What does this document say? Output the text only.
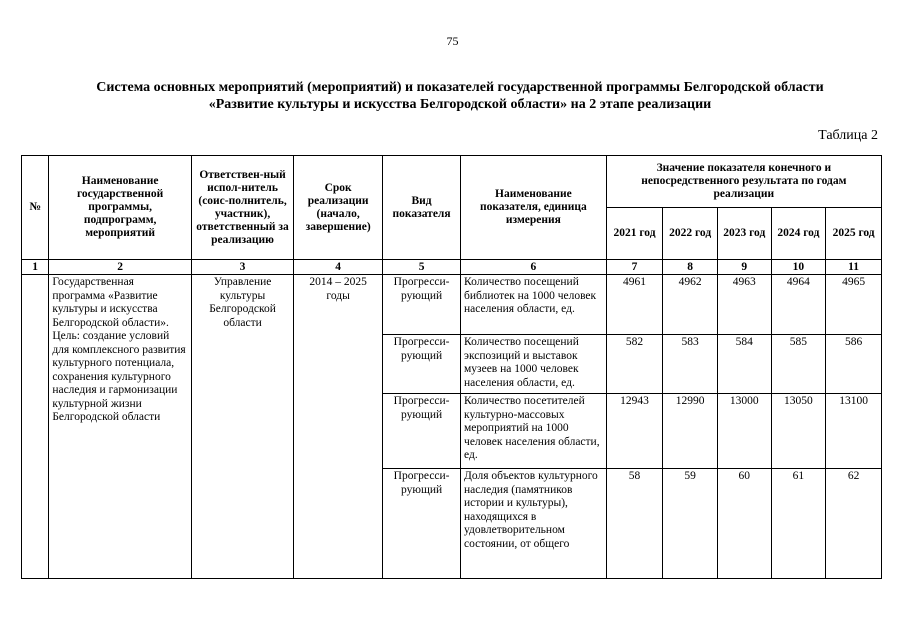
75
Система основных мероприятий (мероприятий) и показателей государственной программы Белгородской области
«Развитие культуры и искусства Белгородской области» на 2 этапе реализации
Таблица 2
№	Наименование государственной программы, подпрограмм, мероприятий	Ответствен-ный испол-нитель (соис-полнитель, участник), ответственный за реализацию	Срок реализации (начало, завершение)	Вид показателя	Наименование показателя, единица измерения	Значение показателя конечного и непосредственного результата по годам реализации				
						2021 год	2022 год	2023 год	2024 год	2025 год
1	2	3	4	5	6	7	8	9	10	11
	Государственная программа «Развитие культуры и искусства Белгородской области». Цель: создание условий для комплексного развития культурного потенциала, сохранения культурного наследия и гармонизации культурной жизни Белгородской области	Управление культуры Белгородской области	2014 – 2025 годы	Прогресси-рующий	Количество посещений библиотек на 1000 человек населения области, ед.	4961	4962	4963	4964	4965
				Прогресси-рующий	Количество посещений экспозиций и выставок музеев на 1000 человек населения области, ед.	582	583	584	585	586
				Прогресси-рующий	Количество посетителей культурно-массовых мероприятий на 1000 человек населения области, ед.	12943	12990	13000	13050	13100
				Прогресси-рующий	Доля объектов культурного наследия (памятников истории и культуры), находящихся в удовлетворительном состоянии, от общего	58	59	60	61	62
